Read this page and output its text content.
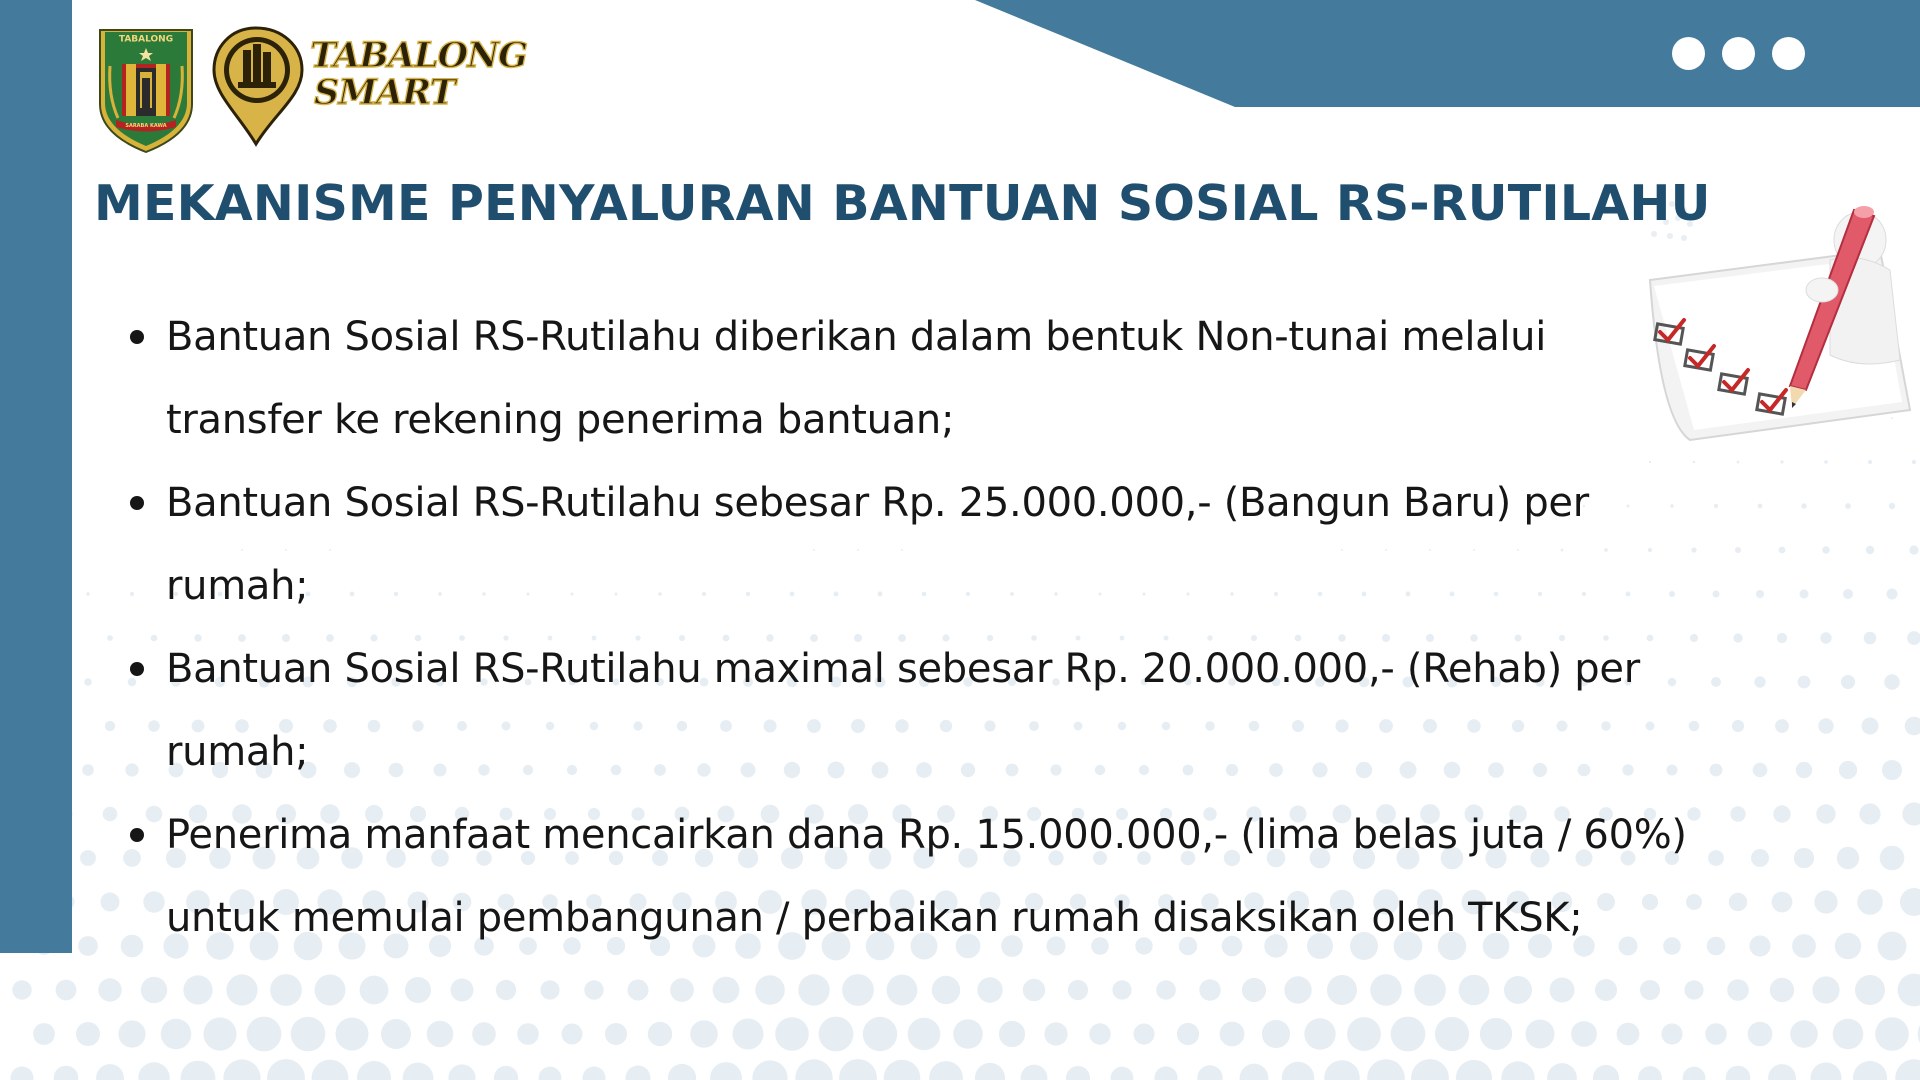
TABALONG
SARABA KAWA
TABALONG
SMART
MEKANISME PENYALURAN BANTUAN SOSIAL RS-RUTILAHU
Bantuan Sosial RS-Rutilahu diberikan dalam bentuk Non-tunai melalui
transfer ke rekening penerima bantuan;
Bantuan Sosial RS-Rutilahu sebesar Rp. 25.000.000,- (Bangun Baru) per
rumah;
Bantuan Sosial RS-Rutilahu maximal sebesar Rp. 20.000.000,- (Rehab) per
rumah;
Penerima manfaat mencairkan dana Rp. 15.000.000,- (lima belas juta / 60%)
untuk memulai pembangunan / perbaikan rumah disaksikan oleh TKSK;
